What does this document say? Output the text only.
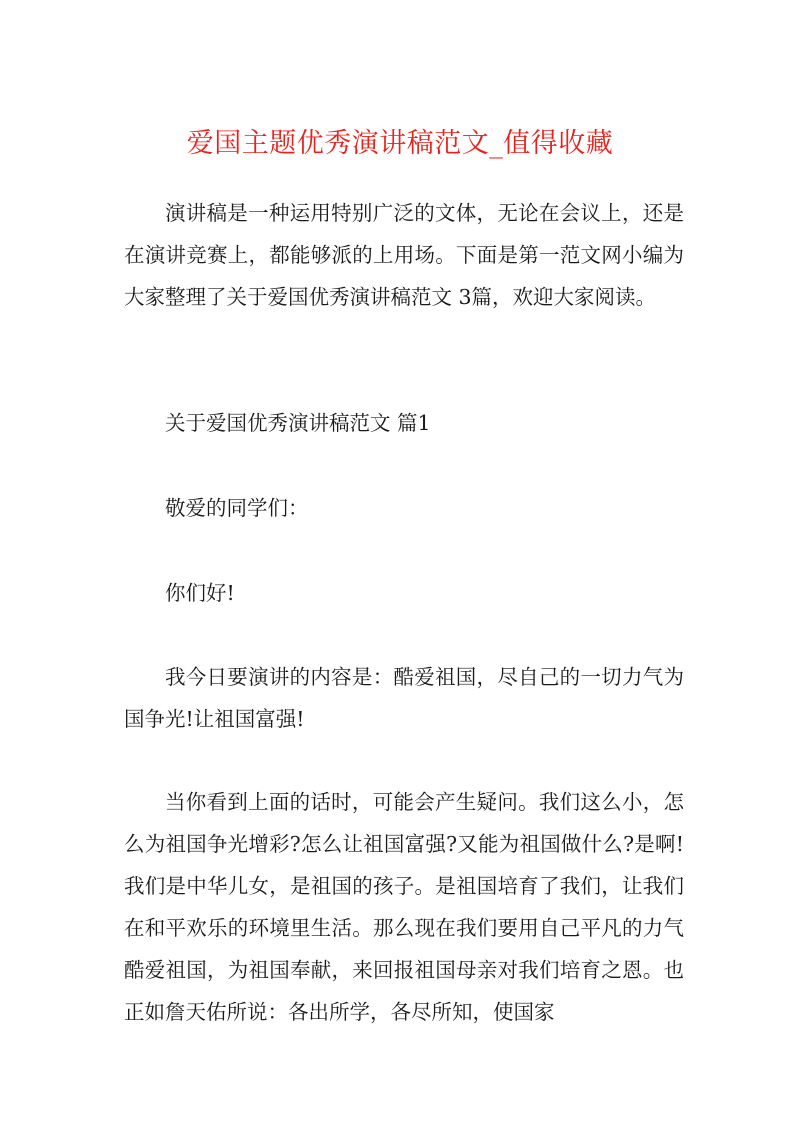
爱国主题优秀演讲稿范文_值得收藏

演讲稿是一种运用特别广泛的文体，无论在会议上，还是在演讲竞赛上，都能够派的上用场。下面是第一范文网小编为大家整理了关于爱国优秀演讲稿范文 3篇，欢迎大家阅读。

关于爱国优秀演讲稿范文 篇1

敬爱的同学们：

你们好!

我今日要演讲的内容是：酷爱祖国，尽自己的一切力气为国争光!让祖国富强!

当你看到上面的话时，可能会产生疑问。我们这么小，怎么为祖国争光增彩?怎么让祖国富强?又能为祖国做什么?是啊!我们是中华儿女，是祖国的孩子。是祖国培育了我们，让我们在和平欢乐的环境里生活。那么现在我们要用自己平凡的力气酷爱祖国，为祖国奉献，来回报祖国母亲对我们培育之恩。也正如詹天佑所说：各出所学，各尽所知，使国家
